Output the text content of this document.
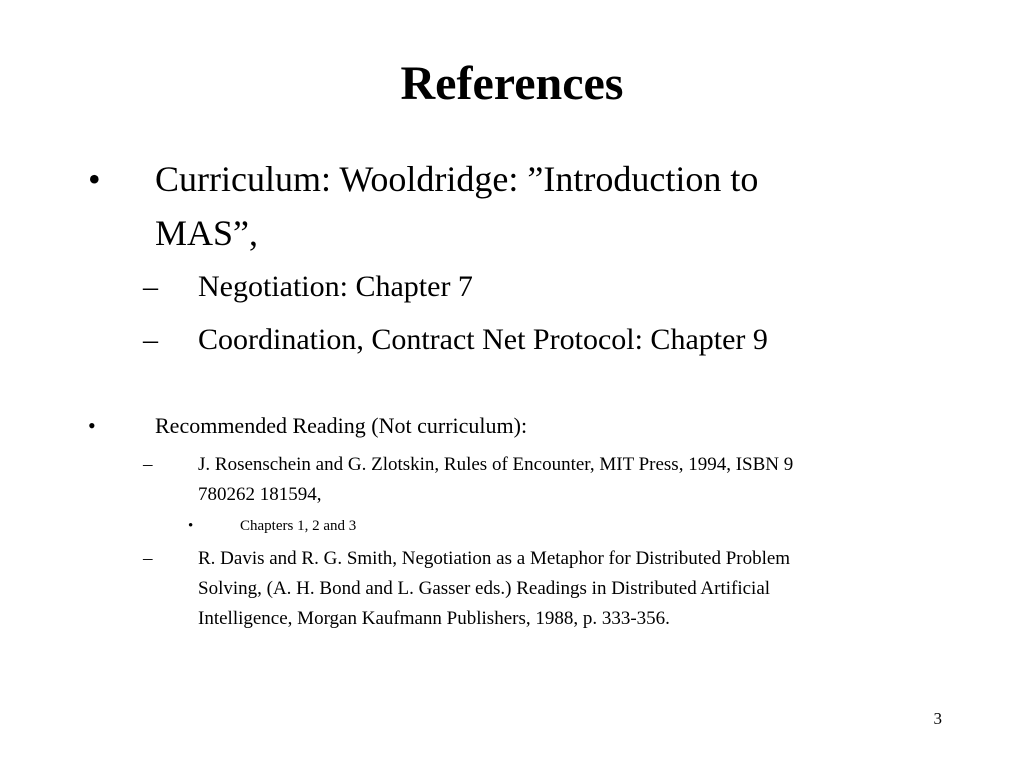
References
• Curriculum: Wooldridge: ”Introduction to
MAS”,
– Negotiation: Chapter 7
– Coordination, Contract Net Protocol: Chapter 9
•	Recommended Reading (Not curriculum):
– J. Rosenschein and G. Zlotskin, Rules of Encounter, MIT Press, 1994, ISBN 9
780262 181594,
•	Chapters 1, 2 and 3
– R. Davis and R. G. Smith, Negotiation as a Metaphor for Distributed Problem
Solving, (A. H. Bond and L. Gasser eds.) Readings in Distributed Artificial
Intelligence, Morgan Kaufmann Publishers, 1988, p. 333-356.
3
